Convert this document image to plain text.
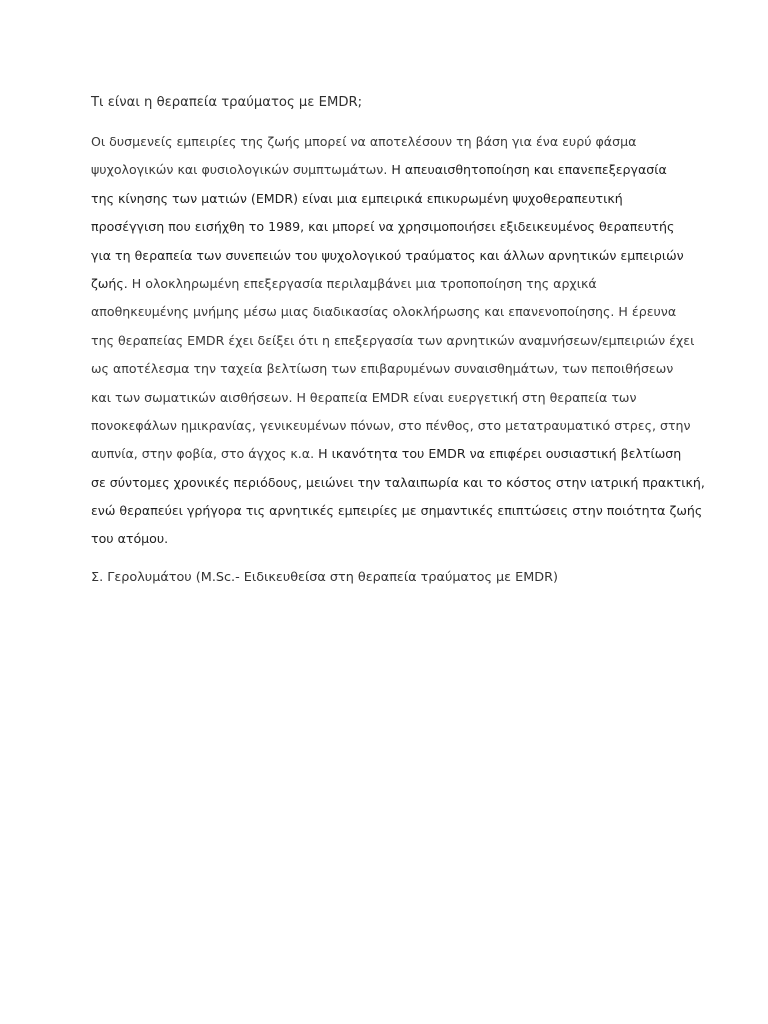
Τι είναι η θεραπεία τραύματος με EMDR;
Οι δυσμενείς εμπειρίες της ζωής μπορεί να αποτελέσουν τη βάση για ένα ευρύ φάσμα
ψυχολογικών και φυσιολογικών συμπτωμάτων. Η απευαισθητοποίηση και επανεπεξεργασία
της κίνησης των ματιών (EMDR) είναι μια εμπειρικά επικυρωμένη ψυχοθεραπευτική
προσέγγιση που εισήχθη το 1989, και μπορεί να χρησιμοποιήσει εξιδεικευμένος θεραπευτής
για τη θεραπεία των συνεπειών του ψυχολογικού τραύματος και άλλων αρνητικών εμπειριών
ζωής. Η ολοκληρωμένη επεξεργασία περιλαμβάνει μια τροποποίηση της αρχικά
αποθηκευμένης μνήμης μέσω μιας διαδικασίας ολοκλήρωσης και επανενοποίησης. Η έρευνα
της θεραπείας EMDR έχει δείξει ότι η επεξεργασία των αρνητικών αναμνήσεων/εμπειριών έχει
ως αποτέλεσμα την ταχεία βελτίωση των επιβαρυμένων συναισθημάτων, των πεποιθήσεων
και των σωματικών αισθήσεων. Η θεραπεία EMDR είναι ευεργετική στη θεραπεία των
πονοκεφάλων ημικρανίας, γενικευμένων πόνων, στο πένθος, στο μετατραυματικό στρες, στην
αυπνία, στην φοβία, στο άγχος κ.α. Η ικανότητα του EMDR να επιφέρει ουσιαστική βελτίωση
σε σύντομες χρονικές περιόδους, μειώνει την ταλαιπωρία και το κόστος στην ιατρική πρακτική,
ενώ θεραπεύει γρήγορα τις αρνητικές εμπειρίες με σημαντικές επιπτώσεις στην ποιότητα ζωής
του ατόμου.
Σ. Γερολυμάτου (M.Sc.- Ειδικευθείσα στη θεραπεία τραύματος με EMDR)
